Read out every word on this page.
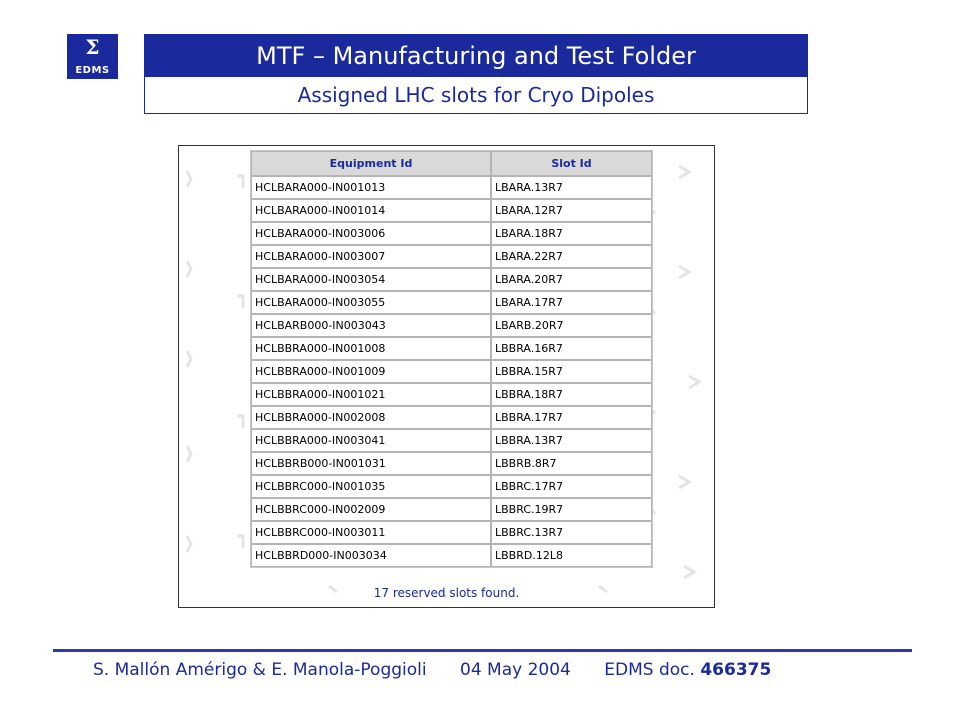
Σ
EDMS
MTF – Manufacturing and Test Folder
Assigned LHC slots for Cryo Dipoles
Equipment Id	Slot Id
HCLBARA000-IN001013	LBARA.13R7
HCLBARA000-IN001014	LBARA.12R7
HCLBARA000-IN003006	LBARA.18R7
HCLBARA000-IN003007	LBARA.22R7
HCLBARA000-IN003054	LBARA.20R7
HCLBARA000-IN003055	LBARA.17R7
HCLBARB000-IN003043	LBARB.20R7
HCLBBRA000-IN001008	LBBRA.16R7
HCLBBRA000-IN001009	LBBRA.15R7
HCLBBRA000-IN001021	LBBRA.18R7
HCLBBRA000-IN002008	LBBRA.17R7
HCLBBRA000-IN003041	LBBRA.13R7
HCLBBRB000-IN001031	LBBRB.8R7
HCLBBRC000-IN001035	LBBRC.17R7
HCLBBRC000-IN002009	LBBRC.19R7
HCLBBRC000-IN003011	LBBRC.13R7
HCLBBRD000-IN003034	LBBRD.12L8
17 reserved slots found.
S. Mallón Amérigo & E. Manola-Poggioli 04 May 2004 EDMS doc. 466375
